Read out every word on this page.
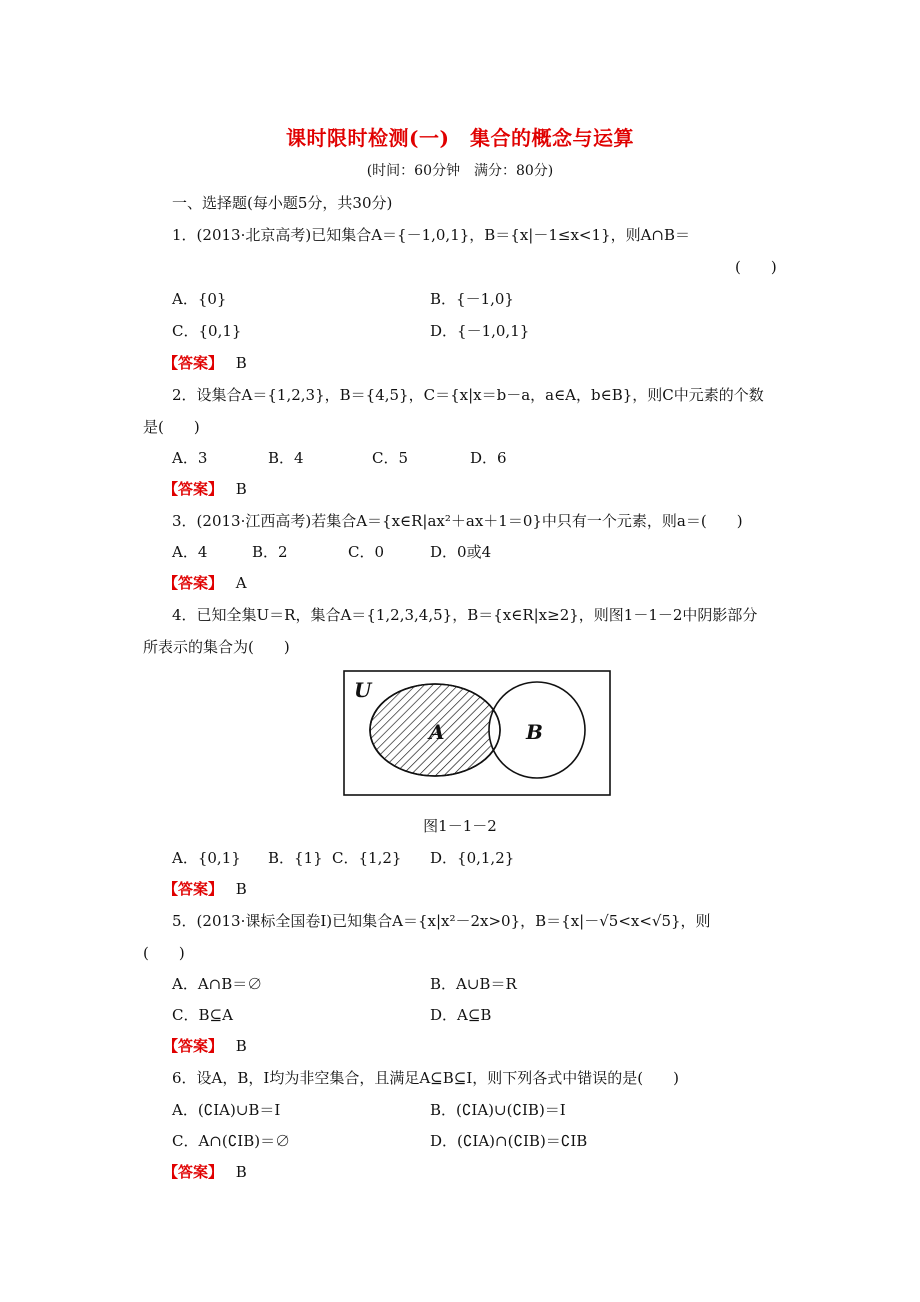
课时限时检测(一)　集合的概念与运算
(时间：60分钟　满分：80分)
一、选择题(每小题5分，共30分)
1．(2013·北京高考)已知集合A＝{－1,0,1}，B＝{x|－1≤x<1}，则A∩B＝
(　　)
A．{0}	B．{－1,0}
C．{0,1}	D．{－1,0,1}
【答案】 B
2．设集合A＝{1,2,3}，B＝{4,5}，C＝{x|x＝b－a，a∈A，b∈B}，则C中元素的个数
是(　　)
A．3	B．4	C．5	D．6
【答案】 B
3．(2013·江西高考)若集合A＝{x∈R|ax²＋ax＋1＝0}中只有一个元素，则a＝(　　)
A．4	B．2	C．0	D．0或4
【答案】 A
4．已知全集U＝R，集合A＝{1,2,3,4,5}，B＝{x∈R|x≥2}，则图1－1－2中阴影部分
所表示的集合为(　　)
U
A	B
图1－1－2
A．{0,1} B．{1} C．{1,2} D．{0,1,2}
【答案】 B
5．(2013·课标全国卷Ⅰ)已知集合A＝{x|x²－2x>0}，B＝{x|－√5<x<√5}，则
(　　)
A．A∩B＝∅	B．A∪B＝R
C．B⊆A	D．A⊆B
【答案】 B
6．设A，B，I均为非空集合，且满足A⊆B⊆I，则下列各式中错误的是(　　)
A．(∁IA)∪B＝I	B．(∁IA)∪(∁IB)＝I
C．A∩(∁IB)＝∅	D．(∁IA)∩(∁IB)＝∁IB
【答案】 B
